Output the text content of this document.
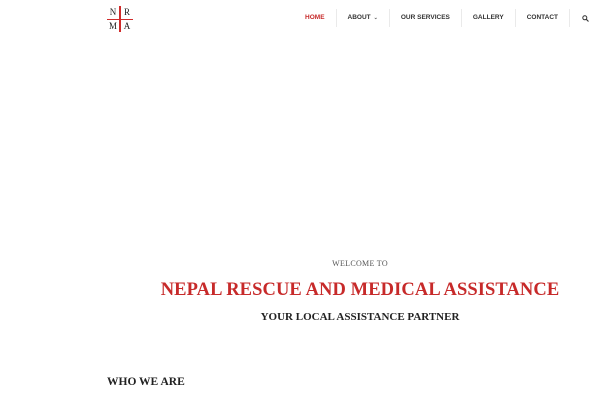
N R
M A
HOME	ABOUT ⌄	OUR SERVICES	GALLERY	CONTACT
WELCOME TO
NEPAL RESCUE AND MEDICAL ASSISTANCE
YOUR LOCAL ASSISTANCE PARTNER
WHO WE ARE
